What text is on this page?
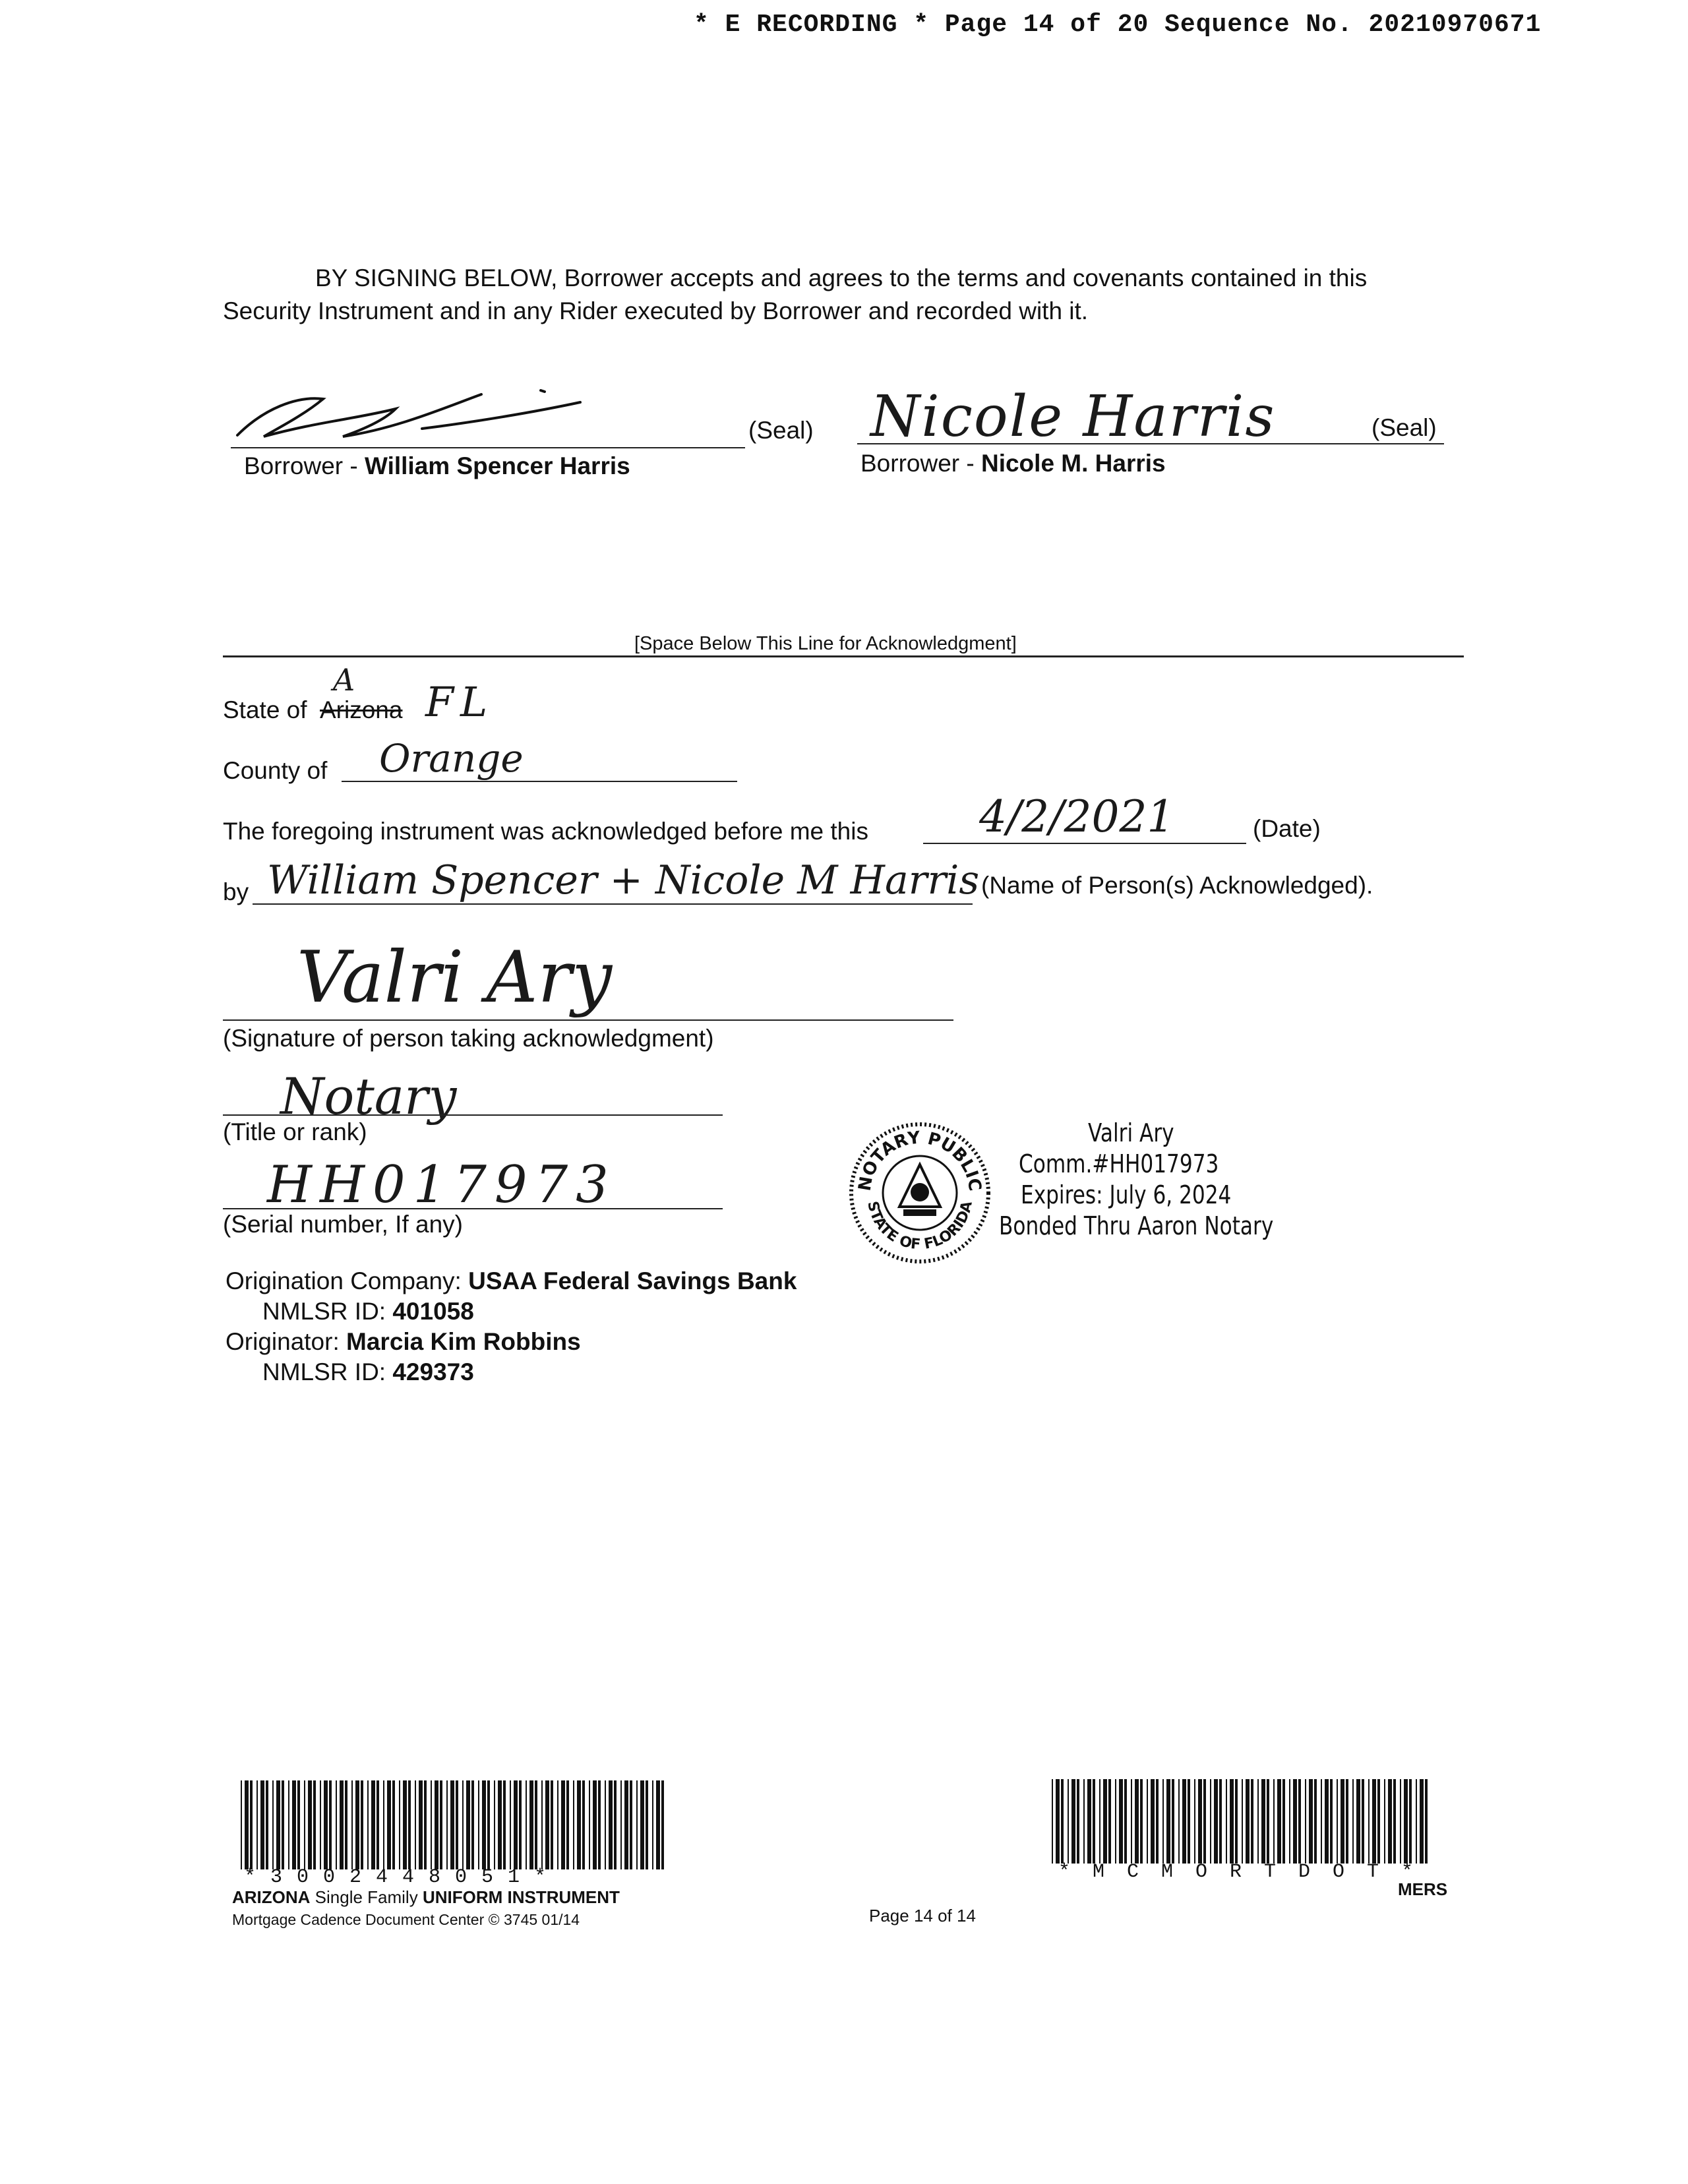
* E RECORDING * Page 14 of 20 Sequence No. 20210970671
BY SIGNING BELOW, Borrower accepts and agrees to the terms and covenants contained in this
Security Instrument and in any Rider executed by Borrower and recorded with it.
(Seal)
Borrower - William Spencer Harris
Nicole Harris	(Seal)
Borrower - Nicole M. Harris
[Space Below This Line for Acknowledgment]
State of Arizona
A FL
County of Orange
The foregoing instrument was acknowledged before me this	4/2/2021	(Date)
by William Spencer + Nicole M Harris (Name of Person(s) Acknowledged).
Valri Ary
(Signature of person taking acknowledgment)
Notary
(Title or rank)
HH017973
(Serial number, If any)
NOTARY PUBLIC
STATE OF FLORIDA
Valri Ary
Comm.#HH017973
Expires: July 6, 2024
Bonded Thru Aaron Notary
Origination Company: USAA Federal Savings Bank
NMLSR ID: 401058
Originator: Marcia Kim Robbins
NMLSR ID: 429373
*3002448051*
ARIZONA Single Family UNIFORM INSTRUMENT
Mortgage Cadence Document Center © 3745 01/14	Page 14 of 14
*MCMORTDOT*
MERS
